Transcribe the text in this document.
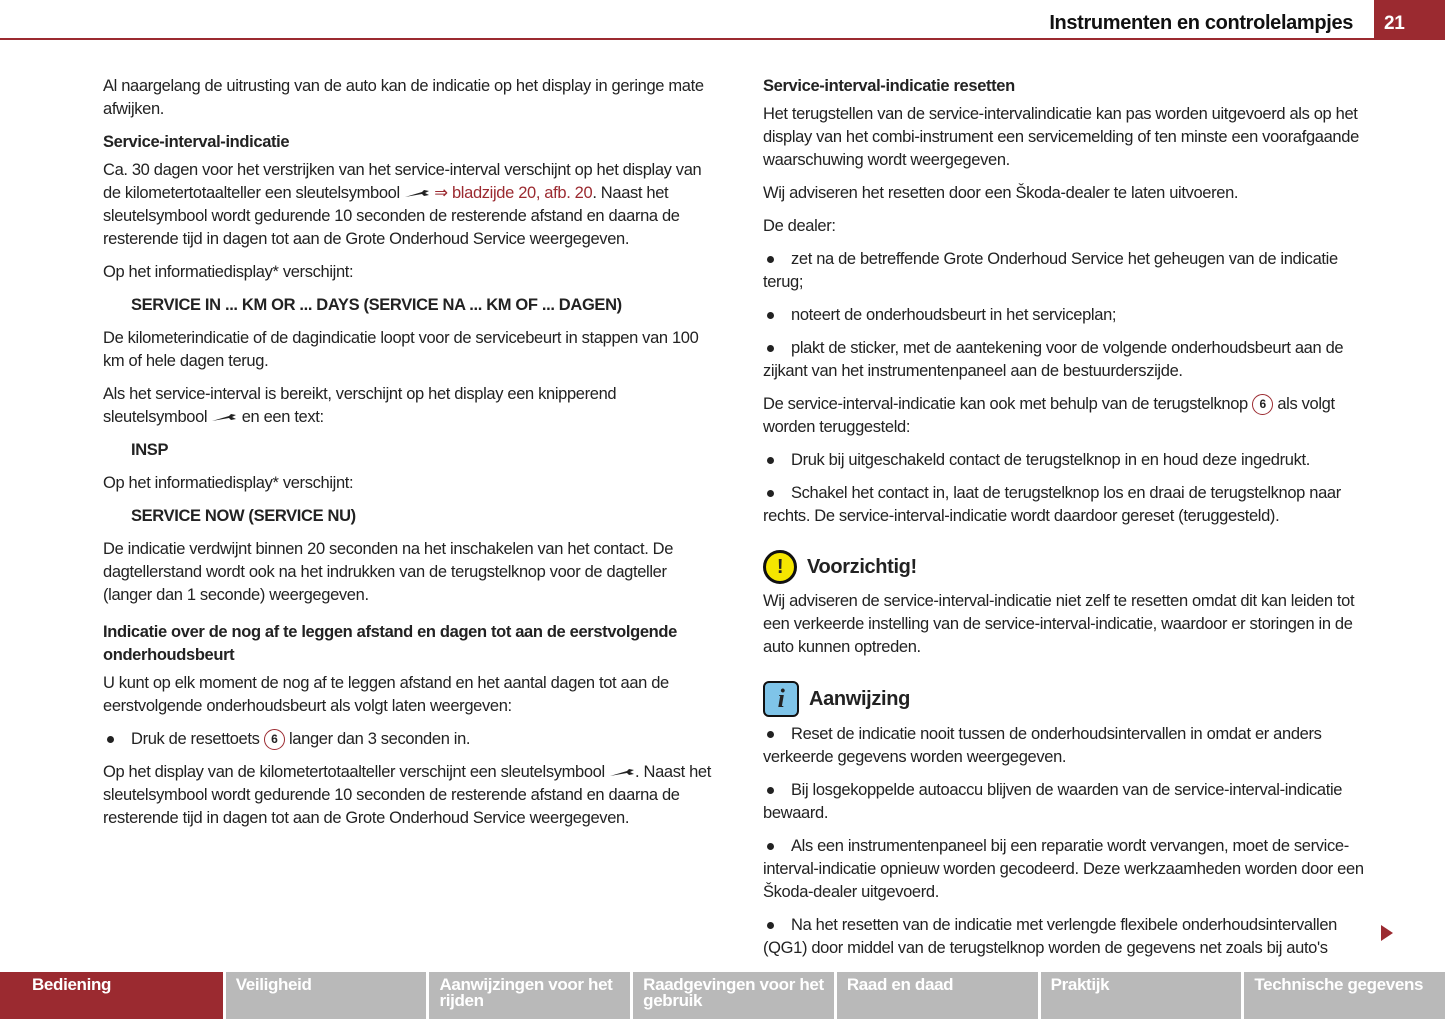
Instrumenten en controlelampjes	21

Al naargelang de uitrusting van de auto kan de indicatie op het display in geringe mate afwijken.

Service-interval-indicatie

Ca. 30 dagen voor het verstrijken van het service-interval verschijnt op het display van de kilometertotaalteller een sleutelsymbool ⇒ bladzijde 20, afb. 20. Naast het sleutelsymbool wordt gedurende 10 seconden de resterende afstand en daarna de resterende tijd in dagen tot aan de Grote Onderhoud Service weergegeven.

Op het informatiedisplay* verschijnt:

SERVICE IN ... KM OR ... DAYS (SERVICE NA ... KM OF ... DAGEN)

De kilometerindicatie of de dagindicatie loopt voor de servicebeurt in stappen van 100 km of hele dagen terug.

Als het service-interval is bereikt, verschijnt op het display een knipperend sleutelsymbool en een text:

INSP

Op het informatiedisplay* verschijnt:

SERVICE NOW (SERVICE NU)

De indicatie verdwijnt binnen 20 seconden na het inschakelen van het contact. De dagtellerstand wordt ook na het indrukken van de terugstelknop voor de dagteller (langer dan 1 seconde) weergegeven.

Indicatie over de nog af te leggen afstand en dagen tot aan de eerstvolgende onderhoudsbeurt

U kunt op elk moment de nog af te leggen afstand en het aantal dagen tot aan de eerstvolgende onderhoudsbeurt als volgt laten weergeven:

Druk de resettoets 6 langer dan 3 seconden in.

Op het display van de kilometertotaalteller verschijnt een sleutelsymbool . Naast het sleutelsymbool wordt gedurende 10 seconden de resterende afstand en daarna de resterende tijd in dagen tot aan de Grote Onderhoud Service weergegeven.

Service-interval-indicatie resetten

Het terugstellen van de service-intervalindicatie kan pas worden uitgevoerd als op het display van het combi-instrument een servicemelding of ten minste een voorafgaande waarschuwing wordt weergegeven.

Wij adviseren het resetten door een Škoda-dealer te laten uitvoeren.

De dealer:

zet na de betreffende Grote Onderhoud Service het geheugen van de indicatie terug;

noteert de onderhoudsbeurt in het serviceplan;

plakt de sticker, met de aantekening voor de volgende onderhoudsbeurt aan de zijkant van het instrumentenpaneel aan de bestuurderszijde.

De service-interval-indicatie kan ook met behulp van de terugstelknop 6 als volgt worden teruggesteld:

Druk bij uitgeschakeld contact de terugstelknop in en houd deze ingedrukt.

Schakel het contact in, laat de terugstelknop los en draai de terugstelknop naar rechts. De service-interval-indicatie wordt daardoor gereset (teruggesteld).

!	Voorzichtig!

Wij adviseren de service-interval-indicatie niet zelf te resetten omdat dit kan leiden tot een verkeerde instelling van de service-interval-indicatie, waardoor er storingen in de auto kunnen optreden.

i	Aanwijzing

Reset de indicatie nooit tussen de onderhoudsintervallen in omdat er anders verkeerde gegevens worden weergegeven.

Bij losgekoppelde autoaccu blijven de waarden van de service-interval-indicatie bewaard.

Als een instrumentenpaneel bij een reparatie wordt vervangen, moet de service-interval-indicatie opnieuw worden gecodeerd. Deze werkzaamheden worden door een Škoda-dealer uitgevoerd.

Na het resetten van de indicatie met verlengde flexibele onderhoudsintervallen (QG1) door middel van de terugstelknop worden de gegevens net zoals bij auto's

Bediening	Veiligheid	Aanwijzingen voor het rijden
Raadgevingen voor het gebruik
Raad en daad	Praktijk	Technische gegevens
